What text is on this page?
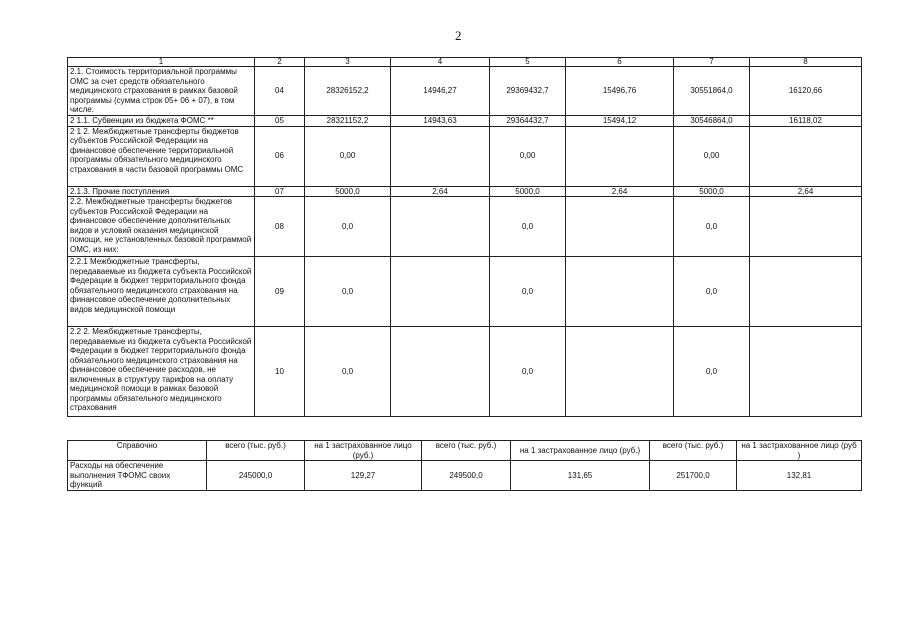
2
1	2	3	4	5	6	7	8
2.1. Стоимость территориальной программы ОМС за счет средств обязательного медицинского страхования в рамках базовой программы (сумма строк 05+ 06 + 07), в том числе:	04	28326152,2	14946,27	29369432,7	15496,76	30551864,0	16120,66
2 1.1. Субвенции из бюджета ФОМС **	05	28321152,2	14943,63	29364432,7	15494,12	30546864,0	16118,02
2 1 2. Межбюджетные трансферты бюджетов субъектов Российской Федерации на финансовое обеспечение территориальной программы обязательного медицинского страхования в части базовой программы ОМС	06	0,00		0,00		0,00	
2.1.3. Прочие поступления	07	5000,0	2,64	5000,0	2,64	5000,0	2,64
2.2. Межбюджетные трансферты бюджетов субъектов Российской Федерации на финансовое обеспечение дополнительных видов и условий оказания медицинской помощи, не установленных базовой программой ОМС, из них:	08	0,0		0,0		0,0	
2.2.1 Межбюджетные трансферты, передаваемые из бюджета субъекта Российской Федерации в бюджет территориального фонда обязательного медицинского страхования на финансовое обеспечение дополнительных видов медицинской помощи	09	0,0		0,0		0,0	
2.2 2. Межбюджетные трансферты, передаваемые из бюджета субъекта Российской Федерации в бюджет территориального фонда обязательного медицинского страхования на финансовое обеспечение расходов, не включенных в структуру тарифов на оплату медицинской помощи в рамках базовой программы обязательного медицинского страхования	10	0,0		0,0		0,0	
Справочно	всего (тыс. руб.)	на 1 застрахованное лицо (руб.)	всего (тыс. руб.)	на 1 застрахованное лицо (руб.)	всего (тыс. руб.)	на 1 застрахованное лицо (руб )
Расходы на обеспечение выполнения ТФОМС своих функций	245000,0	129,27	249500,0	131,65	251700,0	132,81
